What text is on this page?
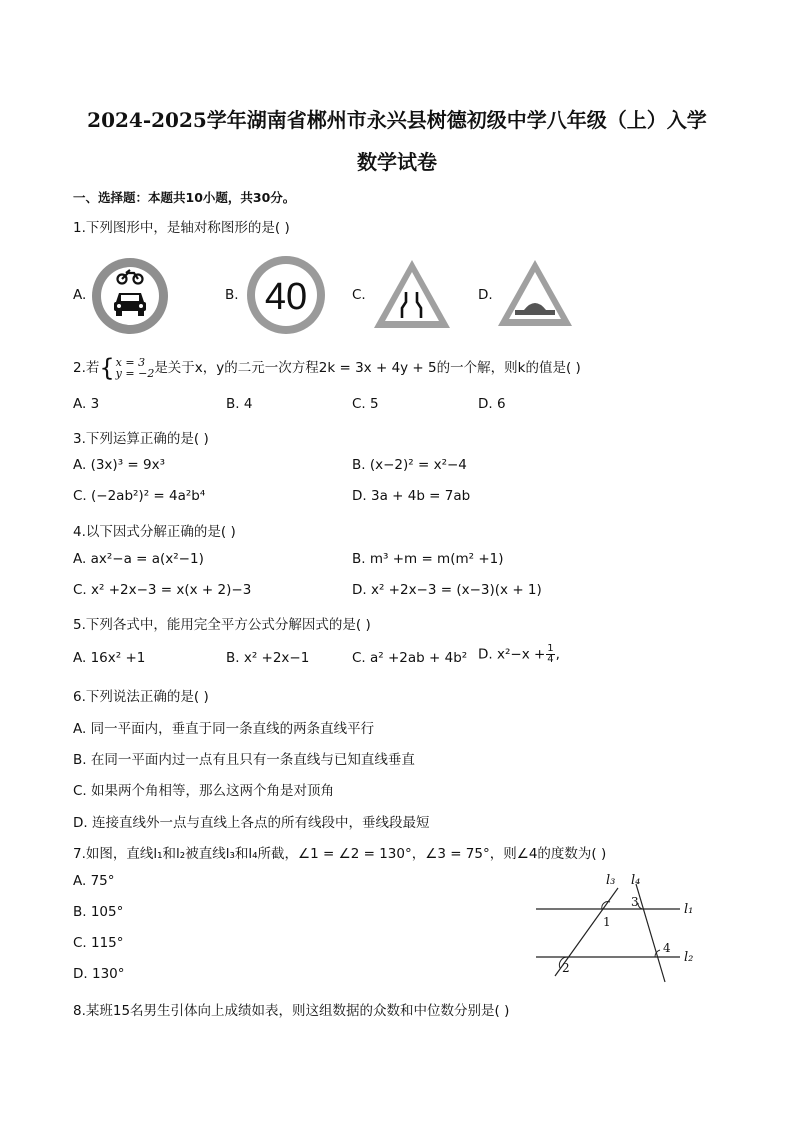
2024-2025学年湖南省郴州市永兴县树德初级中学八年级（上）入学
数学试卷
一、选择题：本题共10小题，共30分。
1.下列图形中，是轴对称图形的是( )
A.	B. 40	C.	D.
2.若{ x = 3
y = −2 是关于x，y的二元一次方程2k = 3x + 4y + 5的一个解，则k的值是( )
A. 3	B. 4	C. 5	D. 6
3.下列运算正确的是( )
A. (3x)³ = 9x³	B. (x−2)² = x²−4
C. (−2ab²)² = 4a²b⁴	D. 3a + 4b = 7ab
4.以下因式分解正确的是( )
A. ax²−a = a(x²−1)	B. m³ +m = m(m² +1)
C. x² +2x−3 = x(x + 2)−3	D. x² +2x−3 = (x−3)(x + 1)
5.下列各式中，能用完全平方公式分解因式的是( )
A. 16x² +1	B. x² +2x−1	C. a² +2ab + 4b² D. $x^2-x + \frac{1}{4}$ ,
6.下列说法正确的是( )
A. 同一平面内，垂直于同一条直线的两条直线平行
B. 在同一平面内过一点有且只有一条直线与已知直线垂直
C. 如果两个角相等，那么这两个角是对顶角
D. 连接直线外一点与直线上各点的所有线段中，垂线段最短
7.如图，直线l₁和l₂被直线l₃和l₄所截，∠1 = ∠2 = 130°，∠3 = 75°，则∠4的度数为( )
A. 75°
B. 105°
C. 115°
D. 130°
l₃ l₄
l₁
l₂
1
2
3
4
8.某班15名男生引体向上成绩如表，则这组数据的众数和中位数分别是( )
